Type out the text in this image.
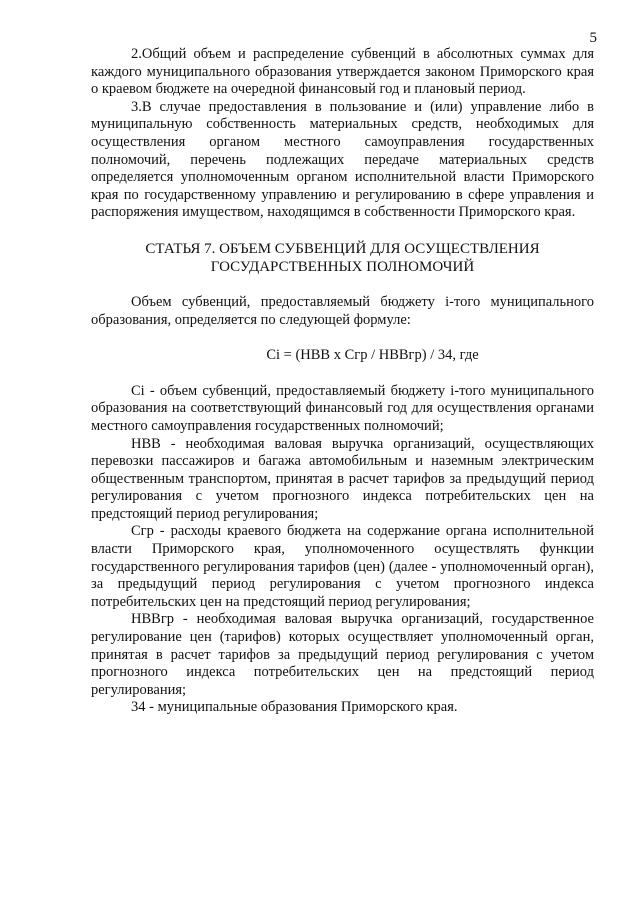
5

2.Общий объем и распределение субвенций в абсолютных суммах для каждого муниципального образования утверждается законом Приморского края о краевом бюджете на очередной финансовый год и плановый период.

3.В случае предоставления в пользование и (или) управление либо в муниципальную собственность материальных средств, необходимых для осуществления органом местного самоуправления государственных полномочий, перечень подлежащих передаче материальных средств определяется уполномоченным органом исполнительной власти Приморского края по государственному управлению и регулированию в сфере управления и распоряжения имуществом, находящимся в собственности Приморского края.

СТАТЬЯ 7. ОБЪЕМ СУБВЕНЦИЙ ДЛЯ ОСУЩЕСТВЛЕНИЯ
ГОСУДАРСТВЕННЫХ ПОЛНОМОЧИЙ

Объем субвенций, предоставляемый бюджету i-того муниципального образования, определяется по следующей формуле:

Ci = (НВВ х Сгр / НВВгр) / 34, где

Ci - объем субвенций, предоставляемый бюджету i-того муниципального образования на соответствующий финансовый год для осуществления органами местного самоуправления государственных полномочий;

НВВ - необходимая валовая выручка организаций, осуществляющих перевозки пассажиров и багажа автомобильным и наземным электрическим общественным транспортом, принятая в расчет тарифов за предыдущий период регулирования с учетом прогнозного индекса потребительских цен на предстоящий период регулирования;

Сгр - расходы краевого бюджета на содержание органа исполнительной власти Приморского края, уполномоченного осуществлять функции государственного регулирования тарифов (цен) (далее - уполномоченный орган), за предыдущий период регулирования с учетом прогнозного индекса потребительских цен на предстоящий период регулирования;

НВВгр - необходимая валовая выручка организаций, государственное регулирование цен (тарифов) которых осуществляет уполномоченный орган, принятая в расчет тарифов за предыдущий период регулирования с учетом прогнозного индекса потребительских цен на предстоящий период регулирования;

34 - муниципальные образования Приморского края.
